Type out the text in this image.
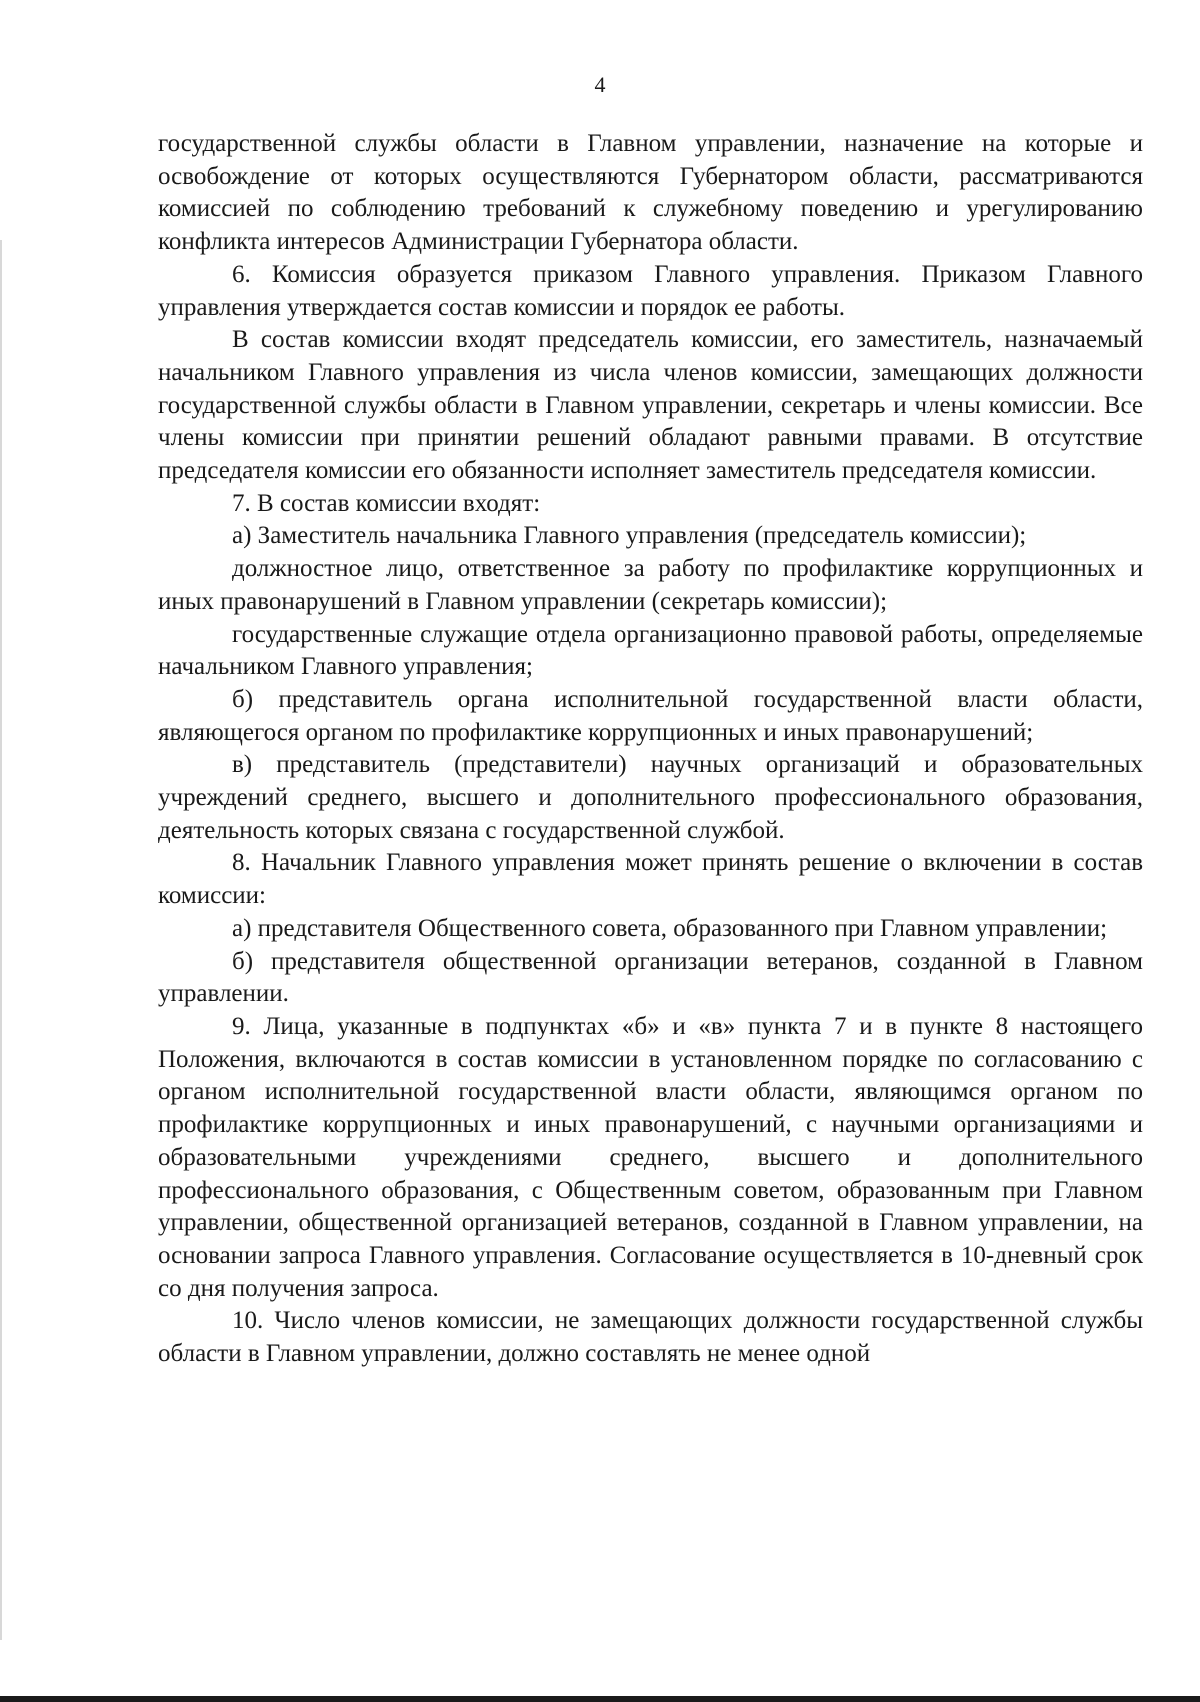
4

государственной службы области в Главном управлении, назначение на которые и освобождение от которых осуществляются Губернатором области, рассматриваются комиссией по соблюдению требований к служебному поведению и урегулированию конфликта интересов Администрации Губернатора области.

6. Комиссия образуется приказом Главного управления. Приказом Главного управления утверждается состав комиссии и порядок ее работы.

В состав комиссии входят председатель комиссии, его заместитель, назначаемый начальником Главного управления из числа членов комиссии, замещающих должности государственной службы области в Главном управлении, секретарь и члены комиссии. Все члены комиссии при принятии решений обладают равными правами. В отсутствие председателя комиссии его обязанности исполняет заместитель председателя комиссии.

7. В состав комиссии входят:

а) Заместитель начальника Главного управления (председатель комиссии);

должностное лицо, ответственное за работу по профилактике коррупционных и иных правонарушений в Главном управлении (секретарь комиссии);

государственные служащие отдела организационно правовой работы, определяемые начальником Главного управления;

б) представитель органа исполнительной государственной власти области, являющегося органом по профилактике коррупционных и иных правонарушений;

в) представитель (представители) научных организаций и образовательных учреждений среднего, высшего и дополнительного профессионального образования, деятельность которых связана с государственной службой.

8. Начальник Главного управления может принять решение о включении в состав комиссии:

а) представителя Общественного совета, образованного при Главном управлении;

б) представителя общественной организации ветеранов, созданной в Главном управлении.

9. Лица, указанные в подпунктах «б» и «в» пункта 7 и в пункте 8 настоящего Положения, включаются в состав комиссии в установленном порядке по согласованию с органом исполнительной государственной власти области, являющимся органом по профилактике коррупционных и иных правонарушений, с научными организациями и образовательными учреждениями среднего, высшего и дополнительного профессионального образования, с Общественным советом, образованным при Главном управлении, общественной организацией ветеранов, созданной в Главном управлении, на основании запроса Главного управления. Согласование осуществляется в 10-дневный срок со дня получения запроса.

10. Число членов комиссии, не замещающих должности государственной службы области в Главном управлении, должно составлять не менее одной
